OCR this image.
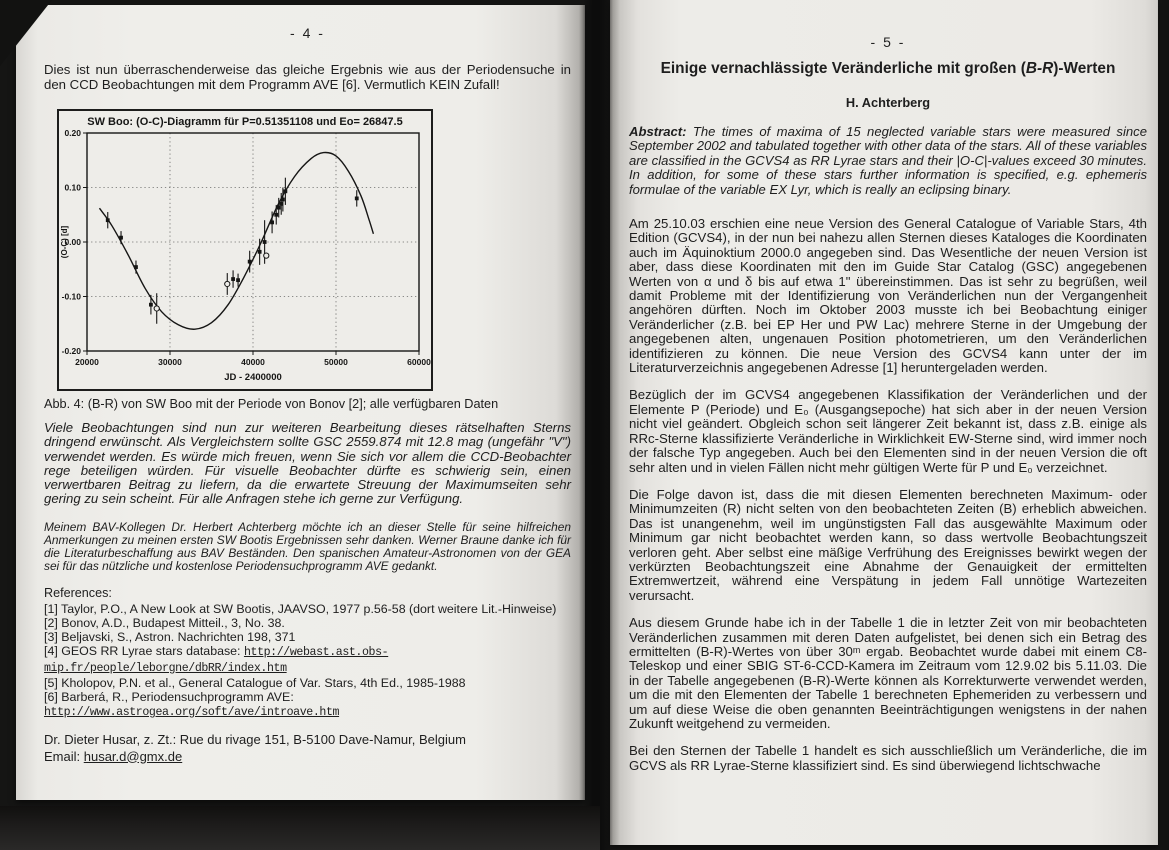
- 4 -
Dies ist nun überraschenderweise das gleiche Ergebnis wie aus der Periodensuche in den CCD Beobachtungen mit dem Programm AVE [6]. Vermutlich KEIN Zufall!
SW Boo: (O-C)-Diagramm für P=0.51351108 und Eo= 26847.5
20000	30000	40000	50000	60000
0.20
0.10
0.00
-0.10
-0.20
JD - 2400000
(O-C) [d]
Abb. 4: (B-R) von SW Boo mit der Periode von Bonov [2]; alle verfügbaren Daten
Viele Beobachtungen sind nun zur weiteren Bearbeitung dieses rätselhaften Sterns dringend erwünscht. Als Vergleichstern sollte GSC 2559.874 mit 12.8 mag (ungefähr "V") verwendet werden. Es würde mich freuen, wenn Sie sich vor allem die CCD-Beobachter rege beteiligen würden. Für visuelle Beobachter dürfte es schwierig sein, einen verwertbaren Beitrag zu liefern, da die erwartete Streuung der Maximumseiten sehr gering zu sein scheint. Für alle Anfragen stehe ich gerne zur Verfügung.
Meinem BAV-Kollegen Dr. Herbert Achterberg möchte ich an dieser Stelle für seine hilfreichen Anmerkungen zu meinen ersten SW Bootis Ergebnissen sehr danken. Werner Braune danke ich für die Literaturbeschaffung aus BAV Beständen. Den spanischen Amateur-Astronomen von der GEA sei für das nützliche und kostenlose Periodensuchprogramm AVE gedankt.
References:
[1] Taylor, P.O., A New Look at SW Bootis, JAAVSO, 1977 p.56-58 (dort weitere Lit.-Hinweise)
[2] Bonov, A.D., Budapest Mitteil., 3, No. 38.
[3] Beljavski, S., Astron. Nachrichten 198, 371
[4] GEOS RR Lyrae stars database: http://webast.ast.obs-
mip.fr/people/leborgne/dbRR/index.htm
[5] Kholopov, P.N. et al., General Catalogue of Var. Stars, 4th Ed., 1985-1988
[6] Barberá, R., Periodensuchprogramm AVE:
http://www.astrogea.org/soft/ave/introave.htm
Dr. Dieter Husar, z. Zt.: Rue du rivage 151, B-5100 Dave-Namur, Belgium
Email: husar.d@gmx.de
- 5 -
Einige vernachlässigte Veränderliche mit großen (B-R)-Werten
H. Achterberg
Abstract: The times of maxima of 15 neglected variable stars were measured since September 2002 and tabulated together with other data of the stars. All of these variables are classified in the GCVS4 as RR Lyrae stars and their |O-C|-values exceed 30 minutes. In addition, for some of these stars further information is specified, e.g. ephemeris formulae of the variable EX Lyr, which is really an eclipsing binary.

Am 25.10.03 erschien eine neue Version des General Catalogue of Variable Stars, 4th Edition (GCVS4), in der nun bei nahezu allen Sternen dieses Kataloges die Koordinaten auch im Äquinoktium 2000.0 angegeben sind. Das Wesentliche der neuen Version ist aber, dass diese Koordinaten mit den im Guide Star Catalog (GSC) angegebenen Werten von α und δ bis auf etwa 1" übereinstimmen. Das ist sehr zu begrüßen, weil damit Probleme mit der Identifizierung von Veränderlichen nun der Vergangenheit angehören dürften. Noch im Oktober 2003 musste ich bei Beobachtung einiger Veränderlicher (z.B. bei EP Her und PW Lac) mehrere Sterne in der Umgebung der angegebenen alten, ungenauen Position photometrieren, um den Veränderlichen identifizieren zu können. Die neue Version des GCVS4 kann unter der im Literaturverzeichnis angegebenen Adresse [1] heruntergeladen werden.

Bezüglich der im GCVS4 angegebenen Klassifikation der Veränderlichen und der Elemente P (Periode) und E₀ (Ausgangsepoche) hat sich aber in der neuen Version nicht viel geändert. Obgleich schon seit längerer Zeit bekannt ist, dass z.B. einige als RRc-Sterne klassifizierte Veränderliche in Wirklichkeit EW-Sterne sind, wird immer noch der falsche Typ angegeben. Auch bei den Elementen sind in der neuen Version die oft sehr alten und in vielen Fällen nicht mehr gültigen Werte für P und E₀ verzeichnet.

Die Folge davon ist, dass die mit diesen Elementen berechneten Maximum- oder Minimumzeiten (R) nicht selten von den beobachteten Zeiten (B) erheblich abweichen. Das ist unangenehm, weil im ungünstigsten Fall das ausgewählte Maximum oder Minimum gar nicht beobachtet werden kann, so dass wertvolle Beobachtungszeit verloren geht. Aber selbst eine mäßige Verfrühung des Ereignisses bewirkt wegen der verkürzten Beobachtungszeit eine Abnahme der Genauigkeit der ermittelten Extremwertzeit, während eine Verspätung in jedem Fall unnötige Wartezeiten verursacht.

Aus diesem Grunde habe ich in der Tabelle 1 die in letzter Zeit von mir beobachteten Veränderlichen zusammen mit deren Daten aufgelistet, bei denen sich ein Betrag des ermittelten (B-R)-Wertes von über 30ᵐ ergab. Beobachtet wurde dabei mit einem C8-Teleskop und einer SBIG ST-6-CCD-Kamera im Zeitraum vom 12.9.02 bis 5.11.03. Die in der Tabelle angegebenen (B-R)-Werte können als Korrekturwerte verwendet werden, um die mit den Elementen der Tabelle 1 berechneten Ephemeriden zu verbessern und um auf diese Weise die oben genannten Beeinträchtigungen wenigstens in der nahen Zukunft weitgehend zu vermeiden.

Bei den Sternen der Tabelle 1 handelt es sich ausschließlich um Veränderliche, die im GCVS als RR Lyrae-Sterne klassifiziert sind. Es sind überwiegend lichtschwache
